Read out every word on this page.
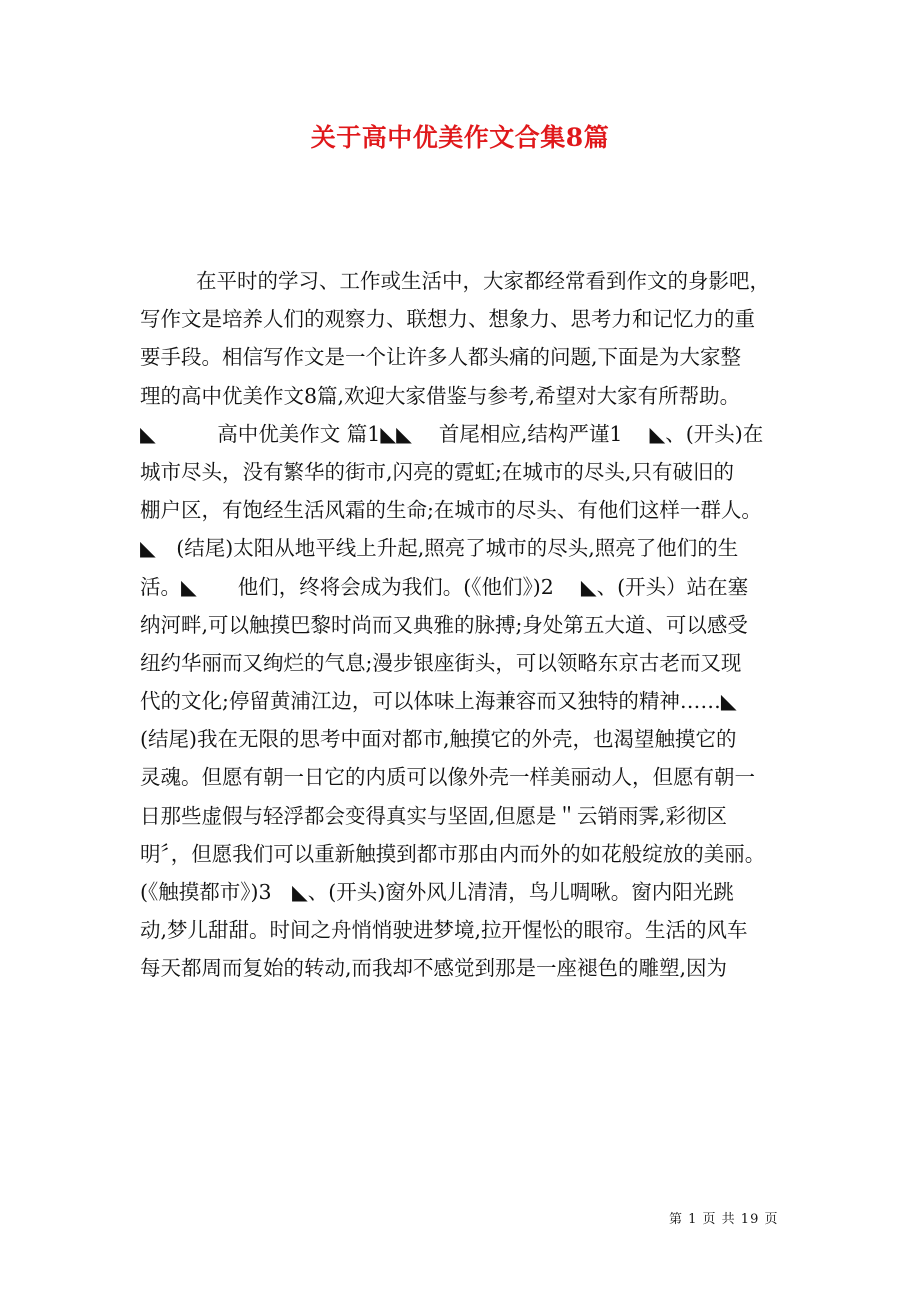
关于高中优美作文合集8篇
在平时的学习、工作或生活中，大家都经常看到作文的身影吧，
写作文是培养人们的观察力、联想力、想象力、思考力和记忆力的重
要手段。相信写作文是一个让许多人都头痛的问题,下面是为大家整
理的高中优美作文8篇,欢迎大家借鉴与参考,希望对大家有所帮助。
◣　　　高中优美作文 篇1◣◣　 首尾相应,结构严谨1　 ◣、(开头)在
城市尽头，没有繁华的街市,闪亮的霓虹;在城市的尽头,只有破旧的
棚户区，有饱经生活风霜的生命;在城市的尽头、有他们这样一群人。
◣　(结尾)太阳从地平线上升起,照亮了城市的尽头,照亮了他们的生
活。◣　　他们，终将会成为我们。(《他们》)2　 ◣、(开头）站在塞
纳河畔,可以触摸巴黎时尚而又典雅的脉搏;身处第五大道、可以感受
纽约华丽而又绚烂的气息;漫步银座街头，可以领略东京古老而又现
代的文化;停留黄浦江边，可以体味上海兼容而又独特的精神……◣
(结尾)我在无限的思考中面对都市,触摸它的外壳，也渴望触摸它的
灵魂。但愿有朝一日它的内质可以像外壳一样美丽动人，但愿有朝一
日那些虚假与轻浮都会变得真实与坚固,但愿是＂云销雨霁,彩彻区
明〞，但愿我们可以重新触摸到都市那由内而外的如花般绽放的美丽。
(《触摸都市》)3　◣、(开头)窗外风儿清清，鸟儿啁啾。窗内阳光跳
动,梦儿甜甜。时间之舟悄悄驶进梦境,拉开惺忪的眼帘。生活的风车
每天都周而复始的转动,而我却不感觉到那是一座褪色的雕塑,因为
第 1 页 共 19 页
